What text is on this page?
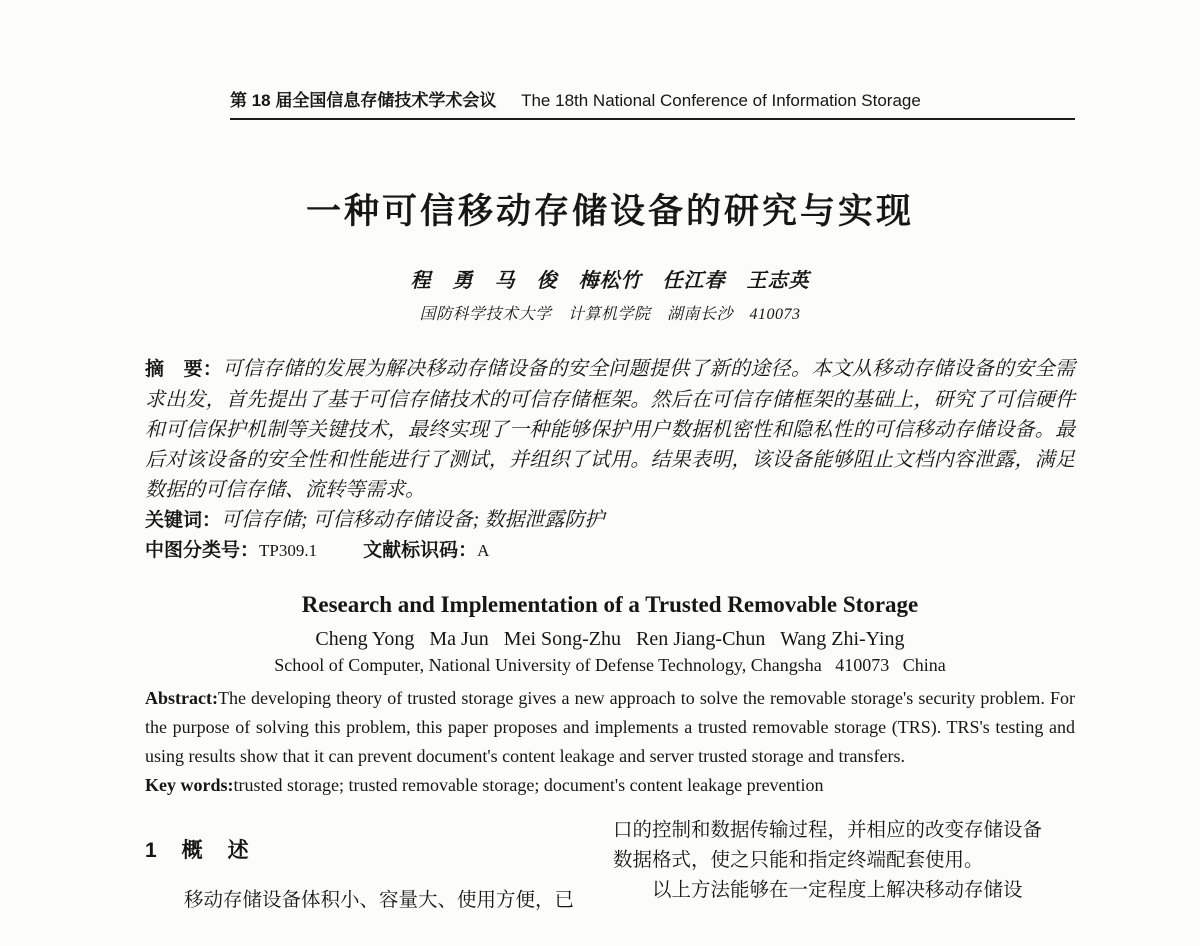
第 18 届全国信息存储技术学术会议 The 18th National Conference of Information Storage
一种可信移动存储设备的研究与实现
程　勇　马　俊　梅松竹　任江春　王志英
国防科学技术大学　计算机学院　湖南长沙　410073

摘　要：可信存储的发展为解决移动存储设备的安全问题提供了新的途径。本文从移动存储设备的安全需求出发，首先提出了基于可信存储技术的可信存储框架。然后在可信存储框架的基础上，研究了可信硬件和可信保护机制等关键技术，最终实现了一种能够保护用户数据机密性和隐私性的可信移动存储设备。最后对该设备的安全性和性能进行了测试，并组织了试用。结果表明，该设备能够阻止文档内容泄露，满足数据的可信存储、流转等需求。

关键词：可信存储; 可信移动存储设备; 数据泄露防护

中图分类号：TP309.1 文献标识码：A

Research and Implementation of a Trusted Removable Storage
Cheng Yong   Ma Jun   Mei Song-Zhu   Ren Jiang-Chun   Wang Zhi-Ying
School of Computer, National University of Defense Technology, Changsha   410073   China

Abstract:The developing theory of trusted storage gives a new approach to solve the removable storage's security problem. For the purpose of solving this problem, this paper proposes and implements a trusted removable storage (TRS). TRS's testing and using results show that it can prevent document's content leakage and server trusted storage and transfers.

Key words:trusted storage; trusted removable storage; document's content leakage prevention

1　概　述

移动存储设备体积小、容量大、使用方便，已

口的控制和数据传输过程，并相应的改变存储设备
数据格式，使之只能和指定终端配套使用。
以上方法能够在一定程度上解决移动存储设
